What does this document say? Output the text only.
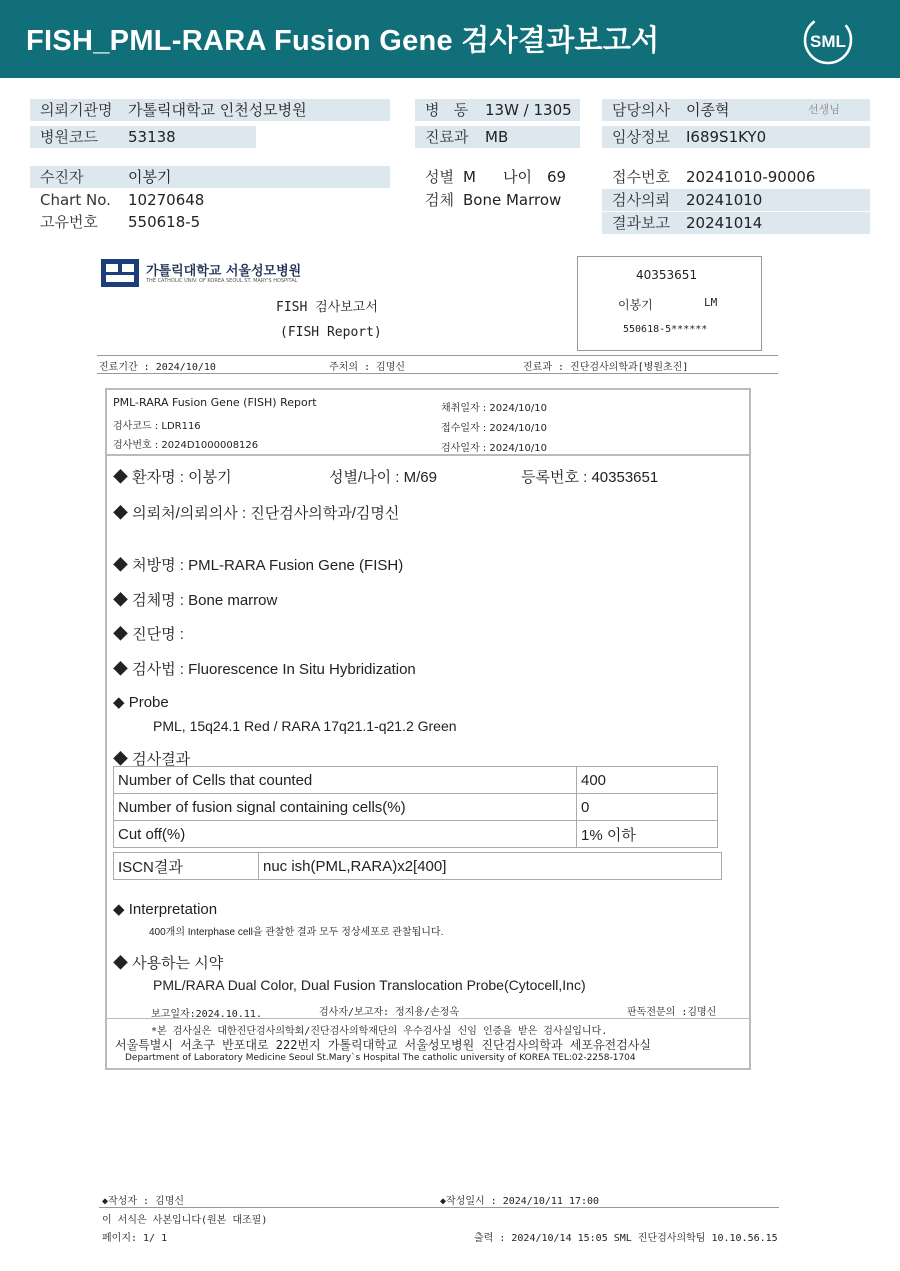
FISH_PML-RARA Fusion Gene 검사결과보고서	SML
의뢰기관명 가톨릭대학교 인천성모병원
병원코드 53138
병   동 13W / 1305
진료과 MB
담당의사 이종혁	선생님
임상정보 I689S1KY0
수진자	이봉기
Chart No. 10270648
고유번호 550618-5
성별 M 나이 69
검체 Bone Marrow
접수번호 20241010-90006
검사의뢰 20241010
결과보고 20241014
가톨릭대학교 서울성모병원
THE CATHOLIC UNIV. OF KOREA SEOUL ST. MARY'S HOSPITAL
FISH 검사보고서
(FISH Report)
40353651
이봉기	LM
550618-5******
진료기간 : 2024/10/10	주치의 : 김명신	진료과 : 진단검사의학과[병원초진]
PML-RARA Fusion Gene (FISH) Report
검사코드 : LDR116
검사번호 : 2024D1000008126
채취일자 : 2024/10/10
접수일자 : 2024/10/10
검사일자 : 2024/10/10
◆ 환자명 : 이봉기	성별/나이 : M/69	등록번호 : 40353651
◆ 의뢰처/의뢰의사 : 진단검사의학과/김명신
◆ 처방명 : PML-RARA Fusion Gene (FISH)
◆ 검체명 : Bone marrow
◆ 진단명 :
◆ 검사법 : Fluorescence In Situ Hybridization
◆ Probe
PML, 15q24.1 Red / RARA 17q21.1-q21.2 Green
◆ 검사결과
Number of Cells that counted	400
Number of fusion signal containing cells(%)	0
Cut off(%)	1% 이하
ISCN결과	nuc ish(PML,RARA)x2[400]
◆ Interpretation
400개의 Interphase cell을 관찰한 결과 모두 정상세포로 관찰됩니다.
◆ 사용하는 시약
PML/RARA Dual Color, Dual Fusion Translocation Probe(Cytocell,Inc)
보고일자:2024.10.11.	검사자/보고자: 정지용/손정옥	판독전문의 :김명신
*본 검사실은 대한진단검사의학회/진단검사의학재단의 우수검사실 신임 인증을 받은 검사실입니다.
서울특별시 서초구 반포대로 222번지 가톨릭대학교 서울성모병원 진단검사의학과 세포유전검사실
Department of Laboratory Medicine Seoul St.Mary`s Hospital The catholic university of KOREA TEL:02-2258-1704
◆작성자 : 김명신	◆작성일시 : 2024/10/11 17:00
이 서식은 사본입니다(원본 대조필)
페이지: 1/ 1	출력 : 2024/10/14 15:05 SML 진단검사의학팀 10.10.56.15
